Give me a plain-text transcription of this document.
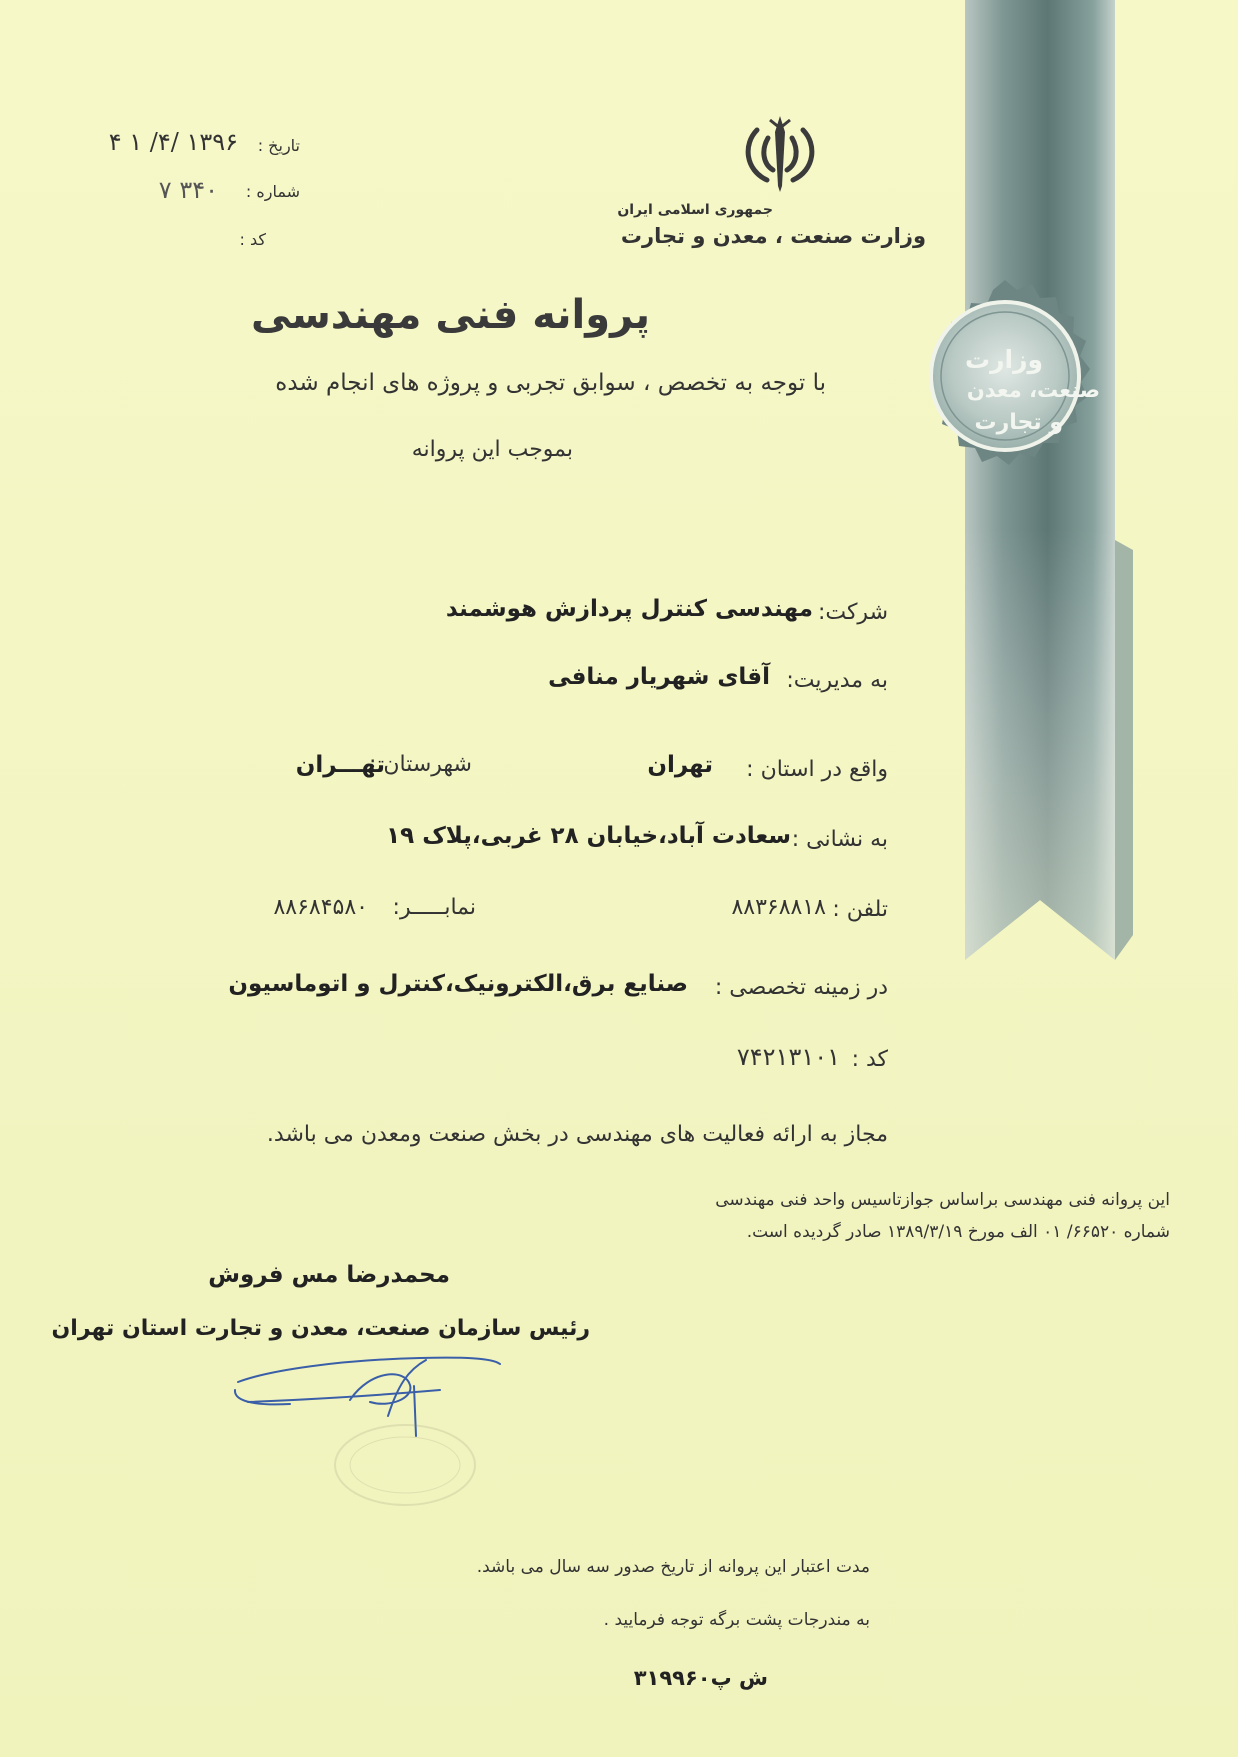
وزارت
صنعت، معدن
و تجارت
جمهوری اسلامی ایران
وزارت صنعت ، معدن و تجارت
تاریخ :
۱۳۹۶ /۴/ ۱ ۴
شماره :
۳۴۰ ۷
کد :
پروانه فنی مهندسی
با توجه به تخصص ، سوابق تجربی و پروژه های انجام شده
بموجب این پروانه
شرکت:
مهندسی کنترل پردازش هوشمند
به مدیریت:
آقای شهریار منافی
واقع در استان :
تهران
شهرستان :
تهـــران
به نشانی :
سعادت آباد،خیابان ۲۸ غربی،پلاک ۱۹
تلفن :
۸۸۳۶۸۸۱۸
نمابـــــر:
۸۸۶۸۴۵۸۰
در زمینه تخصصی :
صنایع برق،الکترونیک،کنترل و اتوماسیون
کد :
۷۴۲۱۳۱۰۱
مجاز به ارائه فعالیت های مهندسی در بخش صنعت ومعدن می باشد.
این پروانه فنی مهندسی براساس جوازتاسیس واحد فنی مهندسی
شماره ۶۶۵۲۰/ ۰۱ الف مورخ ۱۳۸۹/۳/۱۹ صادر گردیده است.
محمدرضا مس فروش
رئیس سازمان صنعت، معدن و تجارت استان تهران
مدت اعتبار این پروانه از تاریخ صدور سه سال می باشد.
به مندرجات پشت برگه توجه فرمایید .
ش پ۳۱۹۹۶۰
